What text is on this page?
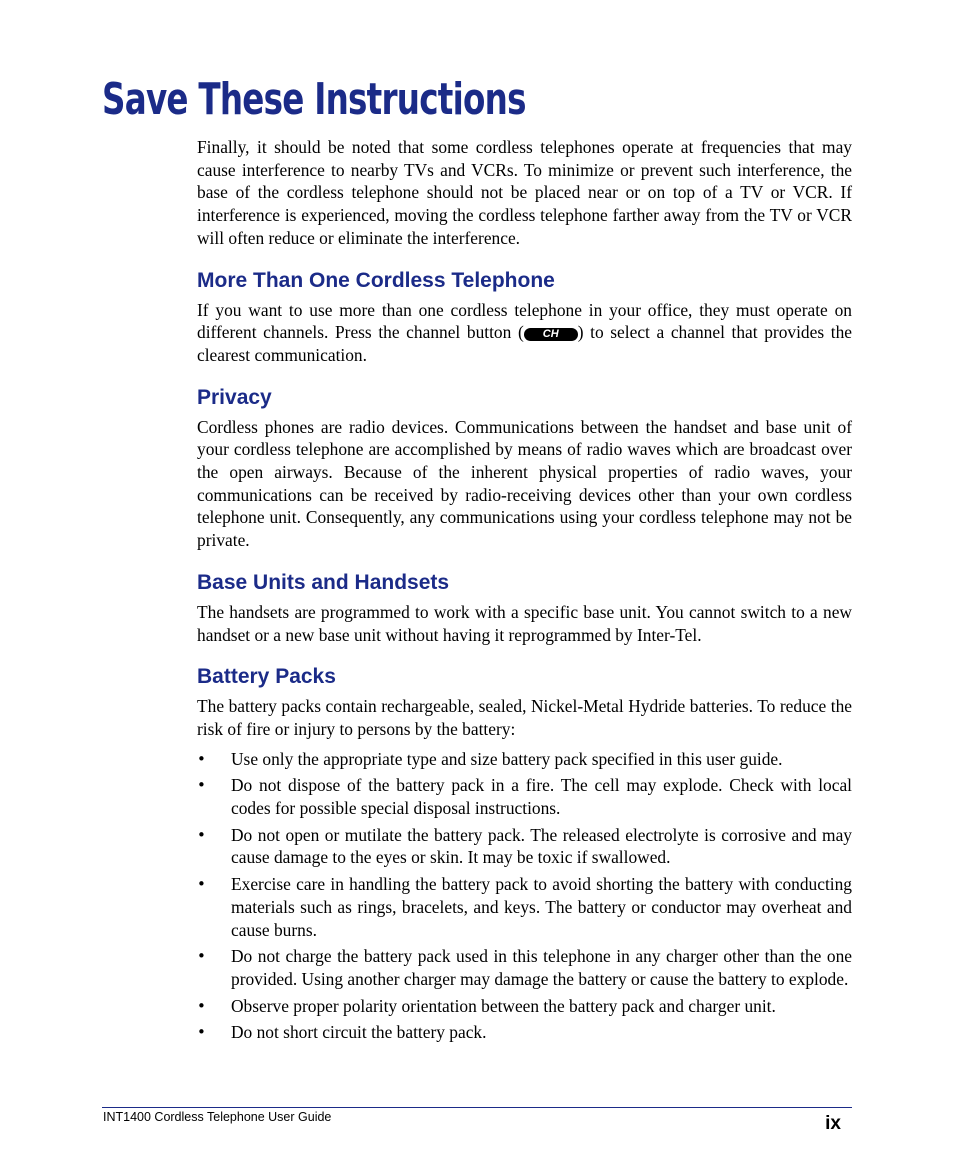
Save These Instructions

Finally, it should be noted that some cordless telephones operate at frequencies that may cause interference to nearby TVs and VCRs. To minimize or prevent such interference, the base of the cordless telephone should not be placed near or on top of a TV or VCR. If interference is experienced, moving the cordless telephone farther away from the TV or VCR will often reduce or eliminate the interference.

More Than One Cordless Telephone

If you want to use more than one cordless telephone in your office, they must operate on different channels. Press the channel button ( CH ) to select a channel that provides the clearest communication.

Privacy

Cordless phones are radio devices. Communications between the handset and base unit of your cordless telephone are accomplished by means of radio waves which are broadcast over the open airways. Because of the inherent physical properties of radio waves, your communications can be received by radio-receiving devices other than your own cordless telephone unit. Consequently, any communications using your cordless telephone may not be private.

Base Units and Handsets

The handsets are programmed to work with a specific base unit. You cannot switch to a new handset or a new base unit without having it reprogrammed by Inter-Tel.

Battery Packs

The battery packs contain rechargeable, sealed, Nickel-Metal Hydride batteries. To reduce the risk of fire or injury to persons by the battery:

• Use only the appropriate type and size battery pack specified in this user guide.
• Do not dispose of the battery pack in a fire. The cell may explode. Check with local codes for possible special disposal instructions.
• Do not open or mutilate the battery pack. The released electrolyte is corrosive and may cause damage to the eyes or skin. It may be toxic if swallowed.
• Exercise care in handling the battery pack to avoid shorting the battery with conducting materials such as rings, bracelets, and keys. The battery or conductor may overheat and cause burns.
• Do not charge the battery pack used in this telephone in any charger other than the one provided. Using another charger may damage the battery or cause the battery to explode.
• Observe proper polarity orientation between the battery pack and charger unit.
• Do not short circuit the battery pack.
INT1400 Cordless Telephone User Guide	ix
